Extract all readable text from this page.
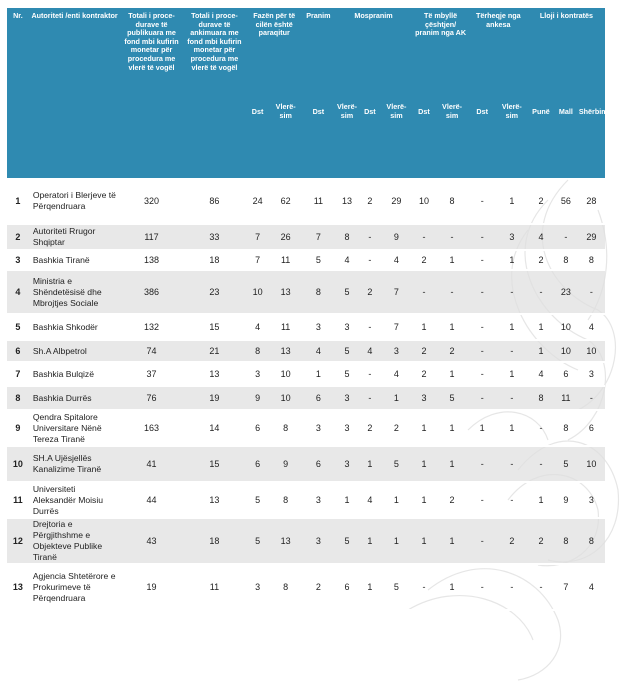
Nr.	Autoriteti /enti kontraktor	Totali i proce-durave të publikuara me fond mbi kufirin monetar për procedura me vlerë të vogël	Totali i proce-durave të ankimuara me fond mbi kufirin monetar për procedura me vlerë të vogël	Fazën për të cilën është paraqitur		Pranim	Mospranim			Të mbyllë çështjen/ pranim nga AK		Tërheqje nga ankesa		Lloji i kontratës		
				Dst	Vlerë-sim	Dst	Vlerë-sim	Dst	Vlerë-sim	Dst	Vlerë-sim	Dst	Vlerë-sim	Punë	Mall	Shërbim
1	Operatori i Blerjeve të Përqendruara	320	86	24	62	11	13	2	29	10	8	-	1	2	56	28
2	Autoriteti Rrugor Shqiptar	117	33	7	26	7	8	-	9	-	-	-	3	4	-	29
3	Bashkia Tiranë	138	18	7	11	5	4	-	4	2	1	-	1	2	8	8
4	Ministria e Shëndetësisë dhe Mbrojtjes Sociale	386	23	10	13	8	5	2	7	-	-	-	-	-	23	-
5	Bashkia Shkodër	132	15	4	11	3	3	-	7	1	1	-	1	1	10	4
6	Sh.A Albpetrol	74	21	8	13	4	5	4	3	2	2	-	-	1	10	10
7	Bashkia Bulqizë	37	13	3	10	1	5	-	4	2	1	-	1	4	6	3
8	Bashkia Durrës	76	19	9	10	6	3	-	1	3	5	-	-	8	11	-
9	Qendra Spitalore Universitare Nënë Tereza Tiranë	163	14	6	8	3	3	2	2	1	1	1	1	-	8	6
10	SH.A Ujësjellës Kanalizime Tiranë	41	15	6	9	6	3	1	5	1	1	-	-	-	5	10
11	Universiteti Aleksandër Moisiu Durrës	44	13	5	8	3	1	4	1	1	2	-	-	1	9	3
12	Drejtoria e Përgjithshme e Objekteve Publike Tiranë	43	18	5	13	3	5	1	1	1	1	-	2	2	8	8
13	Agjencia Shtetërore e Prokurimeve të Përqendruara	19	11	3	8	2	6	1	5	-	1	-	-	-	7	4
